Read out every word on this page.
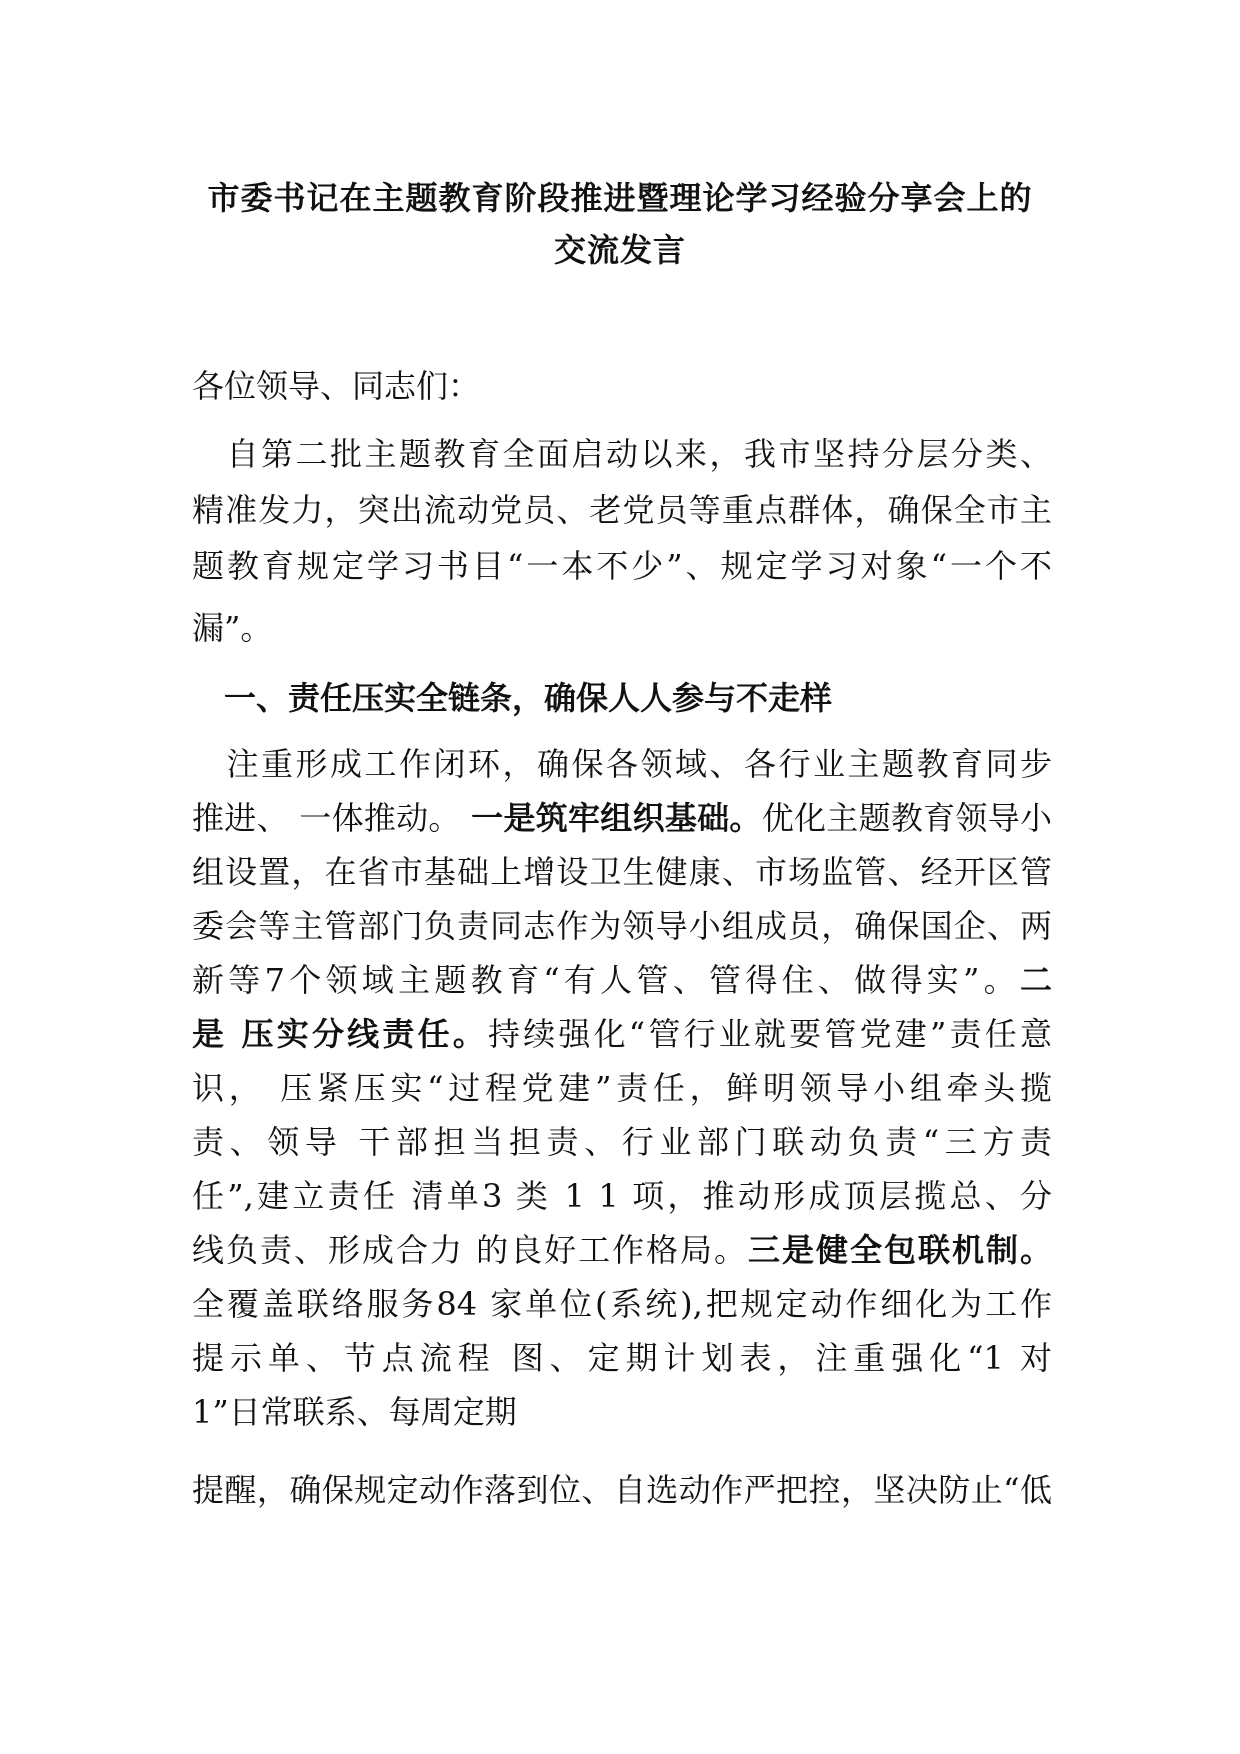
市委书记在主题教育阶段推进暨理论学习经验分享会上的
交流发言
各位领导、同志们：
　自第二批主题教育全面启动以来，我市坚持分层分类、
精准发力，突出流动党员、老党员等重点群体，确保全市主
题教育规定学习书目“一本不少”、规定学习对象“一个不
漏”。
　一、责任压实全链条，确保人人参与不走样
　注重形成工作闭环，确保各领域、各行业主题教育同步
推进、 一体推动。 一是筑牢组织基础。优化主题教育领导小
组设置，在省市基础上增设卫生健康、市场监管、经开区管
委会等主管部门负责同志作为领导小组成员，确保国企、两
新等7个领域主题教育“有人管、管得住、做得实”。二
是 压实分线责任。持续强化“管行业就要管党建”责任意
识， 压紧压实“过程党建”责任，鲜明领导小组牵头揽
责、领导 干部担当担责、行业部门联动负责“三方责
任”,建立责任 清单3 类 1 1 项，推动形成顶层揽总、分
线负责、形成合力 的良好工作格局。三是健全包联机制。
全覆盖联络服务84 家单位(系统),把规定动作细化为工作
提示单、节点流程 图、定期计划表，注重强化“1 对
1”日常联系、每周定期
提醒，确保规定动作落到位、自选动作严把控，坚决防止“低
